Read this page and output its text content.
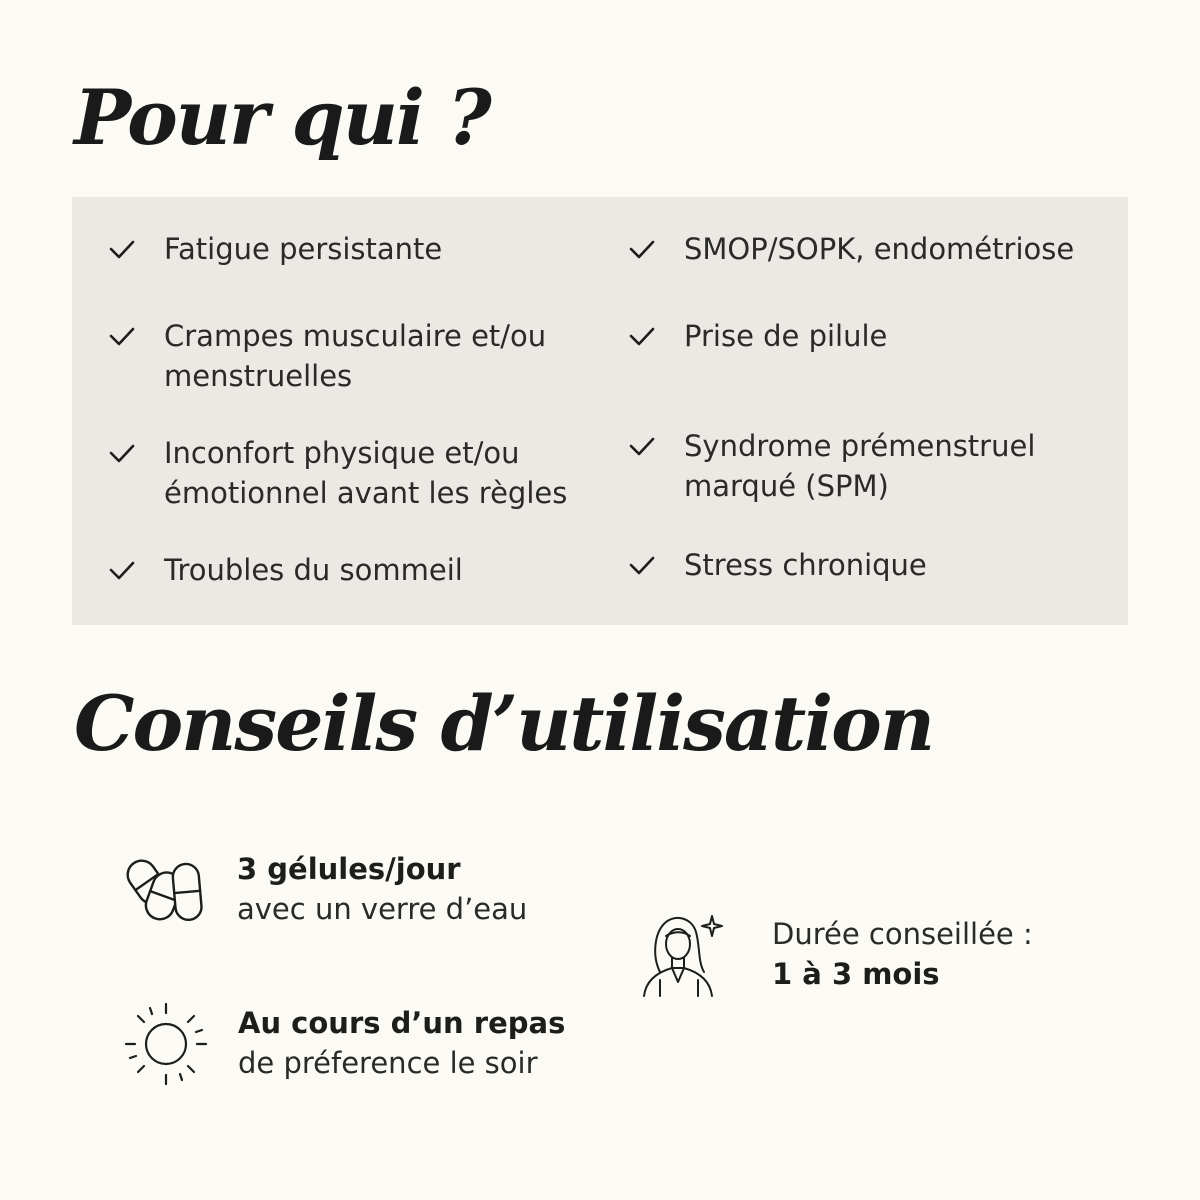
Pour qui ?
Fatigue persistante
Crampes musculaire et/ou
menstruelles
Inconfort physique et/ou
émotionnel avant les règles
Troubles du sommeil
SMOP/SOPK, endométriose
Prise de pilule
Syndrome prémenstruel
marqué (SPM)
Stress chronique
Conseils d’utilisation
3 gélules/jour
avec un verre d’eau
Au cours d’un repas
de préference le soir
Durée conseillée :
1 à 3 mois
